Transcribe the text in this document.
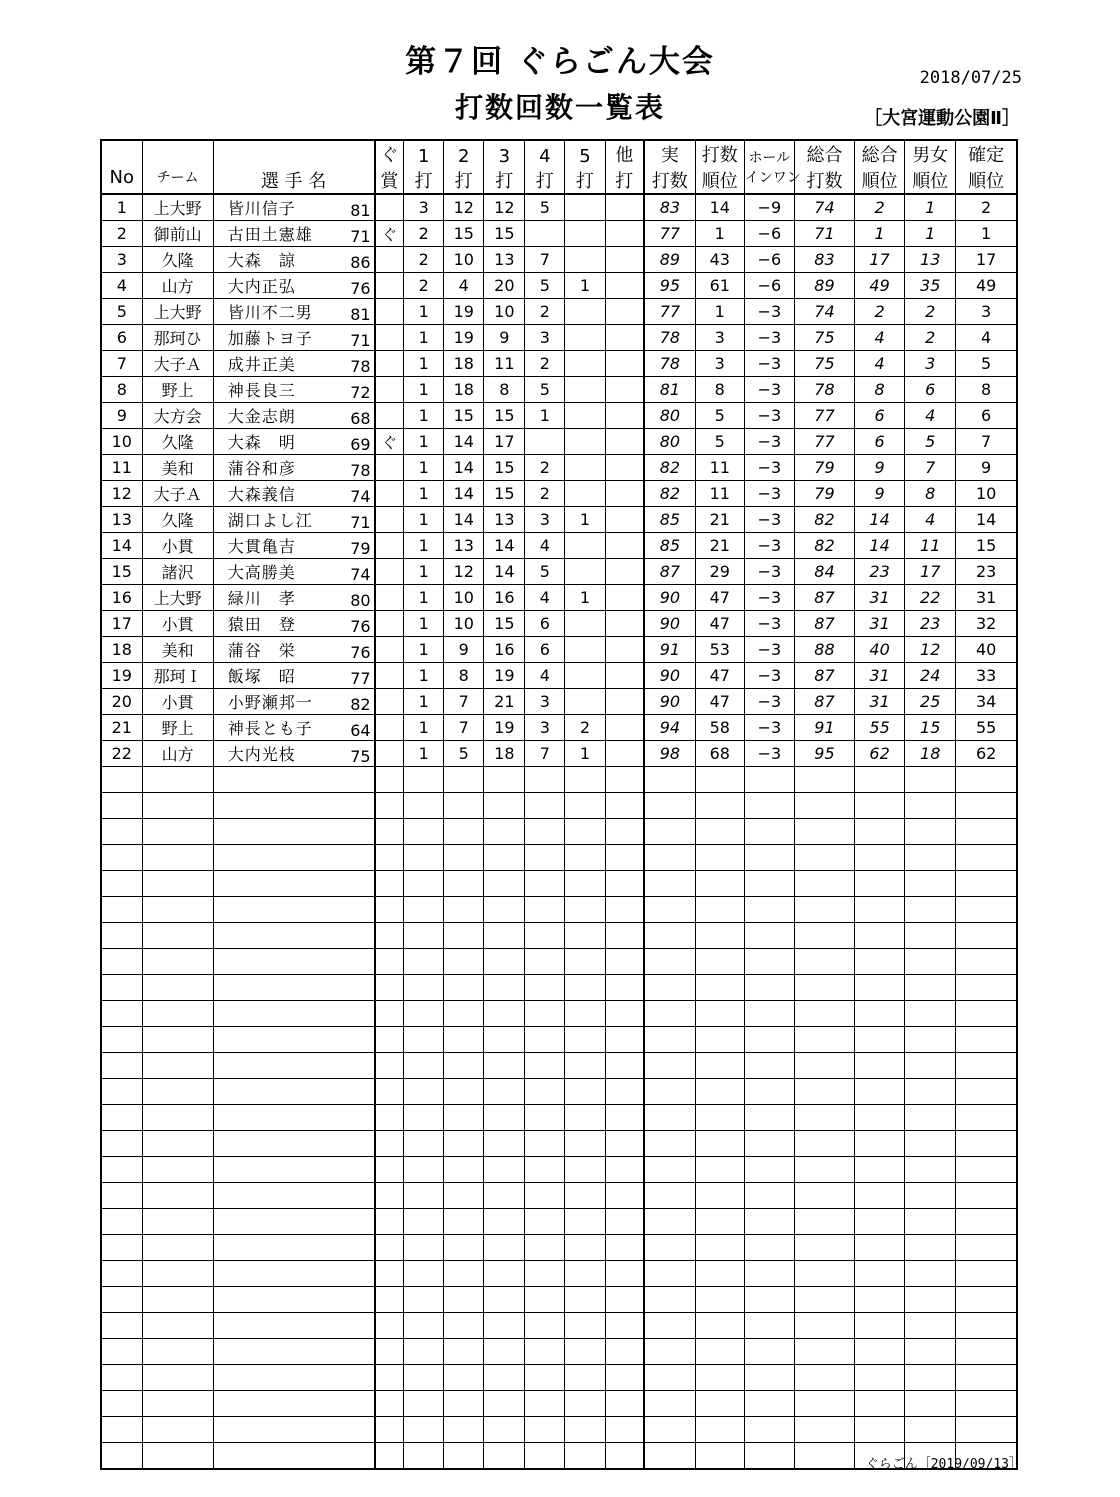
第７回 ぐらごん大会	2018/07/25
打数回数一覧表	［大宮運動公園Ⅱ］
				ぐ	1	2	3	4	5	他	実	打数	ホール	総合	総合	男女	確定
No	チーム	選 手 名		賞	打	打	打	打	打	打	打数	順位	インワン	打数	順位	順位	順位
1	上大野	皆川信子	81		3	12	12	5			83	14	−9	74	2	1	2
2	御前山	古田土憲雄	71	ぐ	2	15	15				77	1	−6	71	1	1	1
3	久隆	大森　諒	86		2	10	13	7			89	43	−6	83	17	13	17
4	山方	大内正弘	76		2	4	20	5	1		95	61	−6	89	49	35	49
5	上大野	皆川不二男	81		1	19	10	2			77	1	−3	74	2	2	3
6	那珂ひ	加藤トヨ子	71		1	19	9	3			78	3	−3	75	4	2	4
7	大子Ａ	成井正美	78		1	18	11	2			78	3	−3	75	4	3	5
8	野上	神長良三	72		1	18	8	5			81	8	−3	78	8	6	8
9	大方会	大金志朗	68		1	15	15	1			80	5	−3	77	6	4	6
10	久隆	大森　明	69	ぐ	1	14	17				80	5	−3	77	6	5	7
11	美和	蒲谷和彦	78		1	14	15	2			82	11	−3	79	9	7	9
12	大子Ａ	大森義信	74		1	14	15	2			82	11	−3	79	9	8	10
13	久隆	湖口よし江	71		1	14	13	3	1		85	21	−3	82	14	4	14
14	小貫	大貫亀吉	79		1	13	14	4			85	21	−3	82	14	11	15
15	諸沢	大高勝美	74		1	12	14	5			87	29	−3	84	23	17	23
16	上大野	緑川　孝	80		1	10	16	4	1		90	47	−3	87	31	22	31
17	小貫	猿田　登	76		1	10	15	6			90	47	−3	87	31	23	32
18	美和	蒲谷　栄	76		1	9	16	6			91	53	−3	88	40	12	40
19	那珂Ｉ	飯塚　昭	77		1	8	19	4			90	47	−3	87	31	24	33
20	小貫	小野瀬邦一	82		1	7	21	3			90	47	−3	87	31	25	34
21	野上	神長とも子	64		1	7	19	3	2		94	58	−3	91	55	15	55
22	山方	大内光枝	75		1	5	18	7	1		98	68	−3	95	62	18	62

ぐらごん［2019/09/13］
